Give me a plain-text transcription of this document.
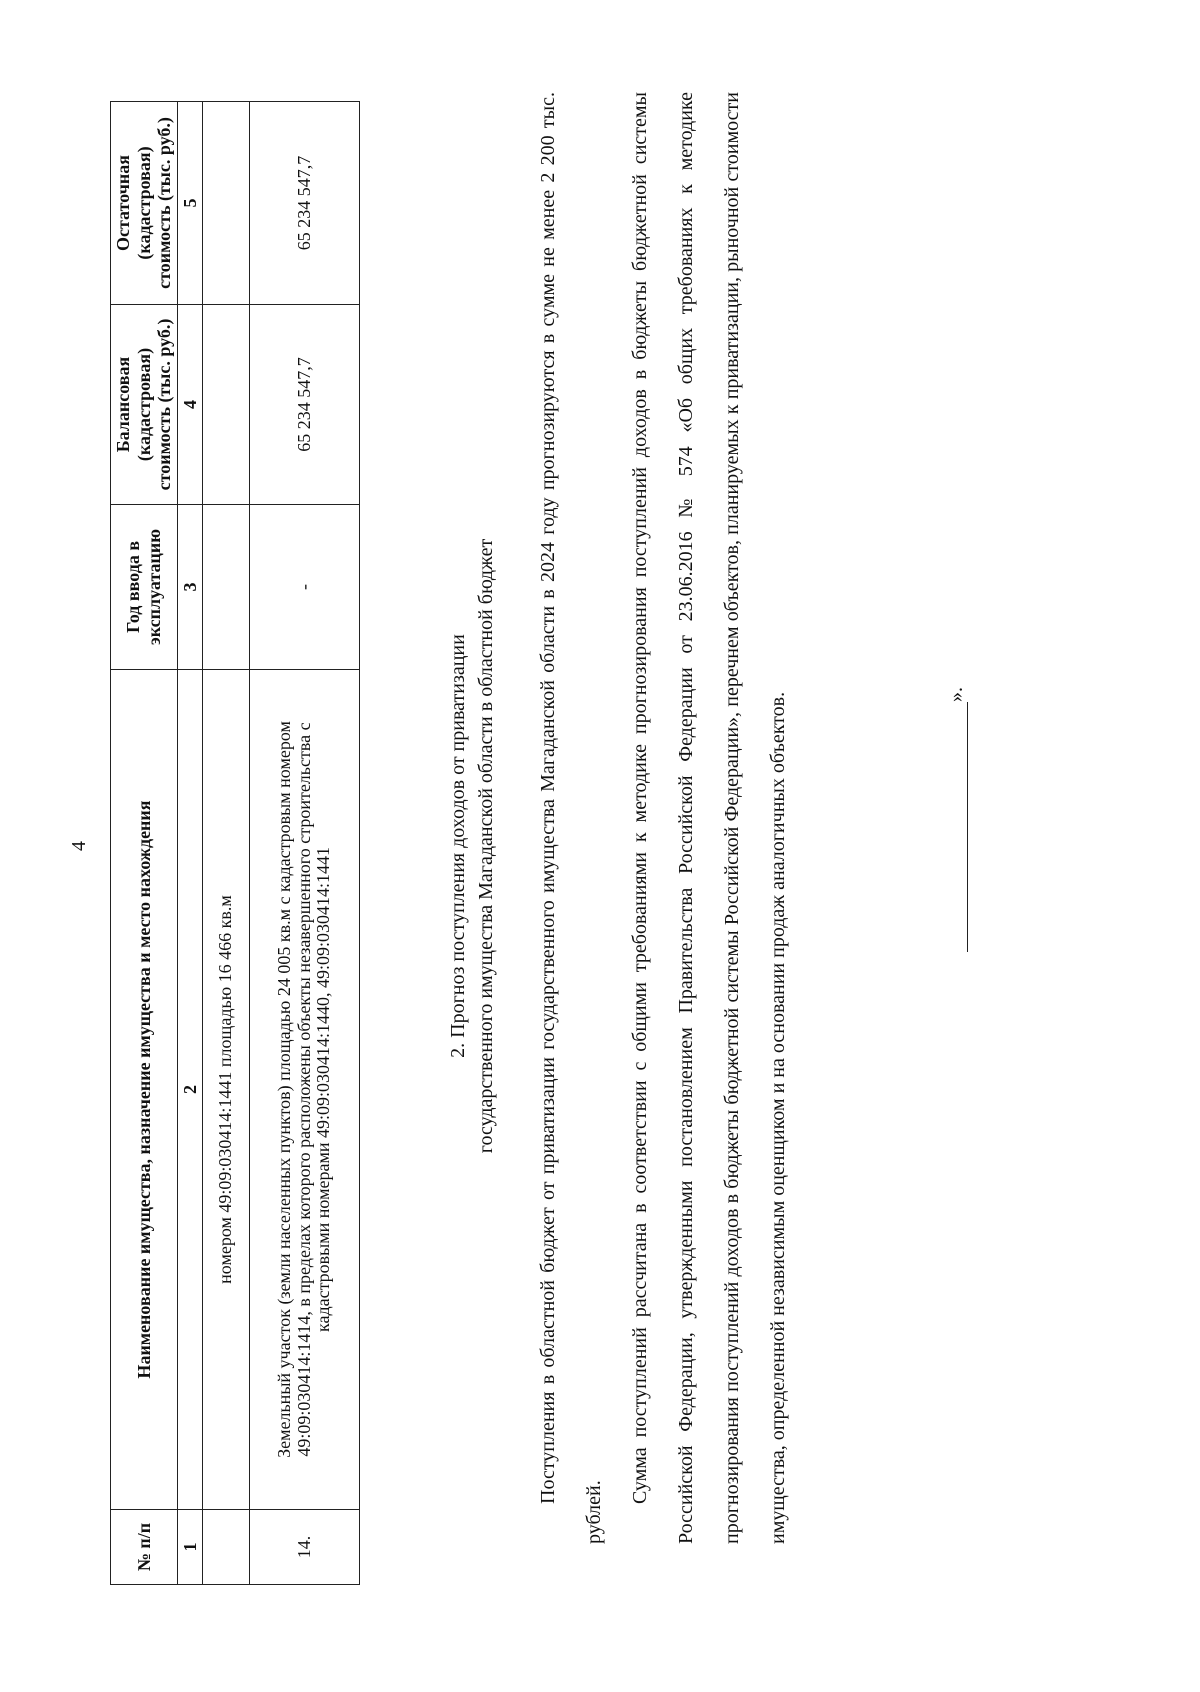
4
№ п/п	Наименование имущества, назначение имущества и место нахождения	Год ввода в эксплуатацию	Балансовая (кадастровая) стоимость (тыс. руб.)	Остаточная (кадастровая) стоимость (тыс. руб.)
1	2	3	4	5
	номером 49:09:030414:1441 площадью 16 466 кв.м			
14.	Земельный участок (земли населенных пунктов) площадью 24 005 кв.м с кадастровым номером 49:09:030414:1414, в пределах которого расположены объекты незавершенного строительства с кадастровыми номерами 49:09:030414:1440, 49:09:030414:1441	-	65 234 547,7	65 234 547,7
2. Прогноз поступления доходов от приватизации государственного имущества Магаданской области в областной бюджет	Поступления в областной бюджет от приватизации государственного имущества Магаданской области в 2024 году прогнозируются в сумме не менее 2 200 тыс. рублей.

Сумма поступлений рассчитана в соответствии с общими требованиями к методике прогнозирования поступлений доходов в бюджеты бюджетной системы Российской Федерации, утвержденными постановлением Правительства Российской Федерации от 23.06.2016 № 574 «Об общих требованиях к методике прогнозирования поступлений доходов в бюджеты бюджетной системы Российской Федерации», перечнем объектов, планируемых к приватизации, рыночной стоимости имущества, определенной независимым оценщиком и на основании продаж аналогичных объектов.	».
